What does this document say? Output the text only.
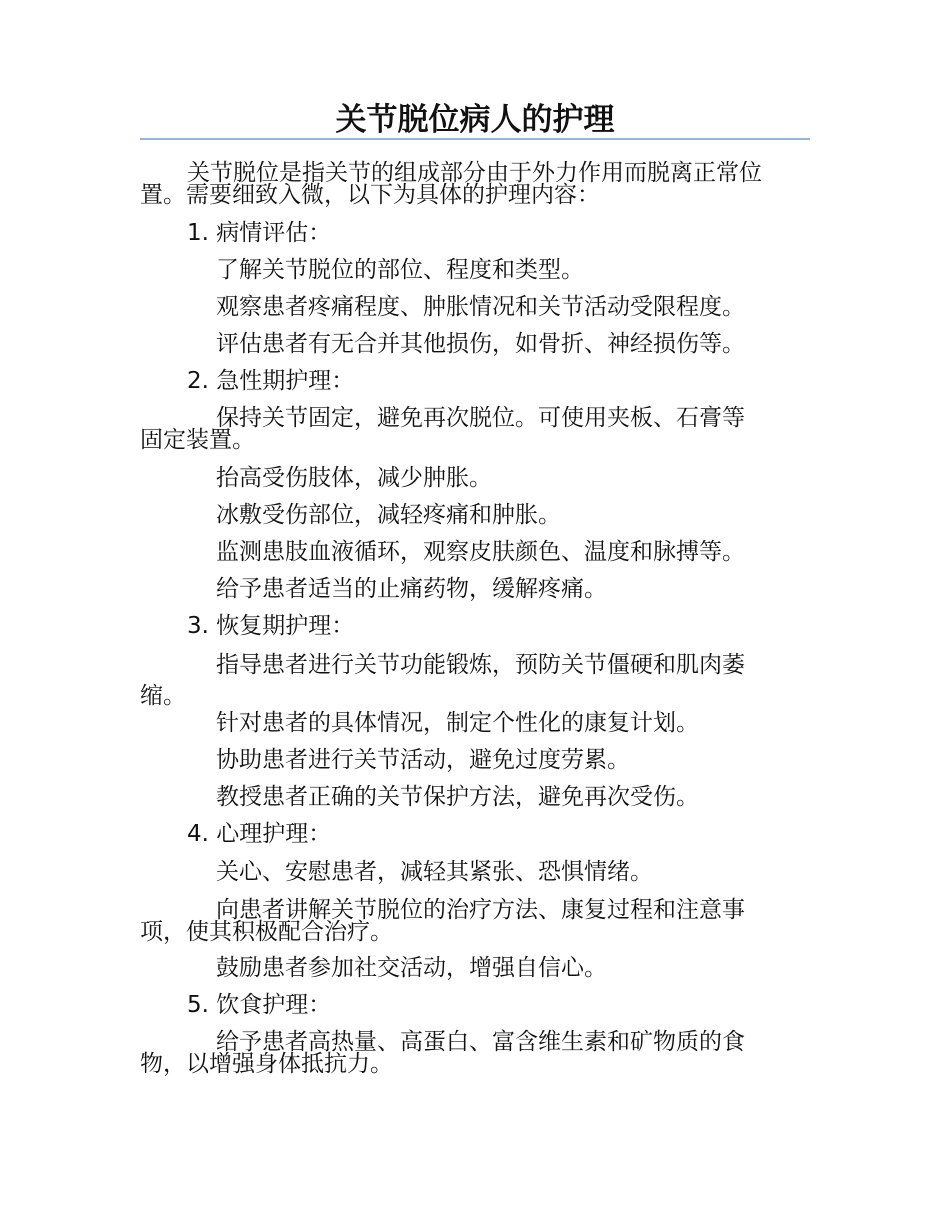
关节脱位病人的护理
关节脱位是指关节的组成部分由于外力作用而脱离正常位
置。需要细致入微，以下为具体的护理内容：
1. 病情评估：
了解关节脱位的部位、程度和类型。
观察患者疼痛程度、肿胀情况和关节活动受限程度。
评估患者有无合并其他损伤，如骨折、神经损伤等。
2. 急性期护理：
保持关节固定，避免再次脱位。可使用夹板、石膏等
固定装置。
抬高受伤肢体，减少肿胀。
冰敷受伤部位，减轻疼痛和肿胀。
监测患肢血液循环，观察皮肤颜色、温度和脉搏等。
给予患者适当的止痛药物，缓解疼痛。
3. 恢复期护理：
指导患者进行关节功能锻炼，预防关节僵硬和肌肉萎
缩。
针对患者的具体情况，制定个性化的康复计划。
协助患者进行关节活动，避免过度劳累。
教授患者正确的关节保护方法，避免再次受伤。
4. 心理护理：
关心、安慰患者，减轻其紧张、恐惧情绪。
向患者讲解关节脱位的治疗方法、康复过程和注意事
项，使其积极配合治疗。
鼓励患者参加社交活动，增强自信心。
5. 饮食护理：
给予患者高热量、高蛋白、富含维生素和矿物质的食
物，以增强身体抵抗力。
